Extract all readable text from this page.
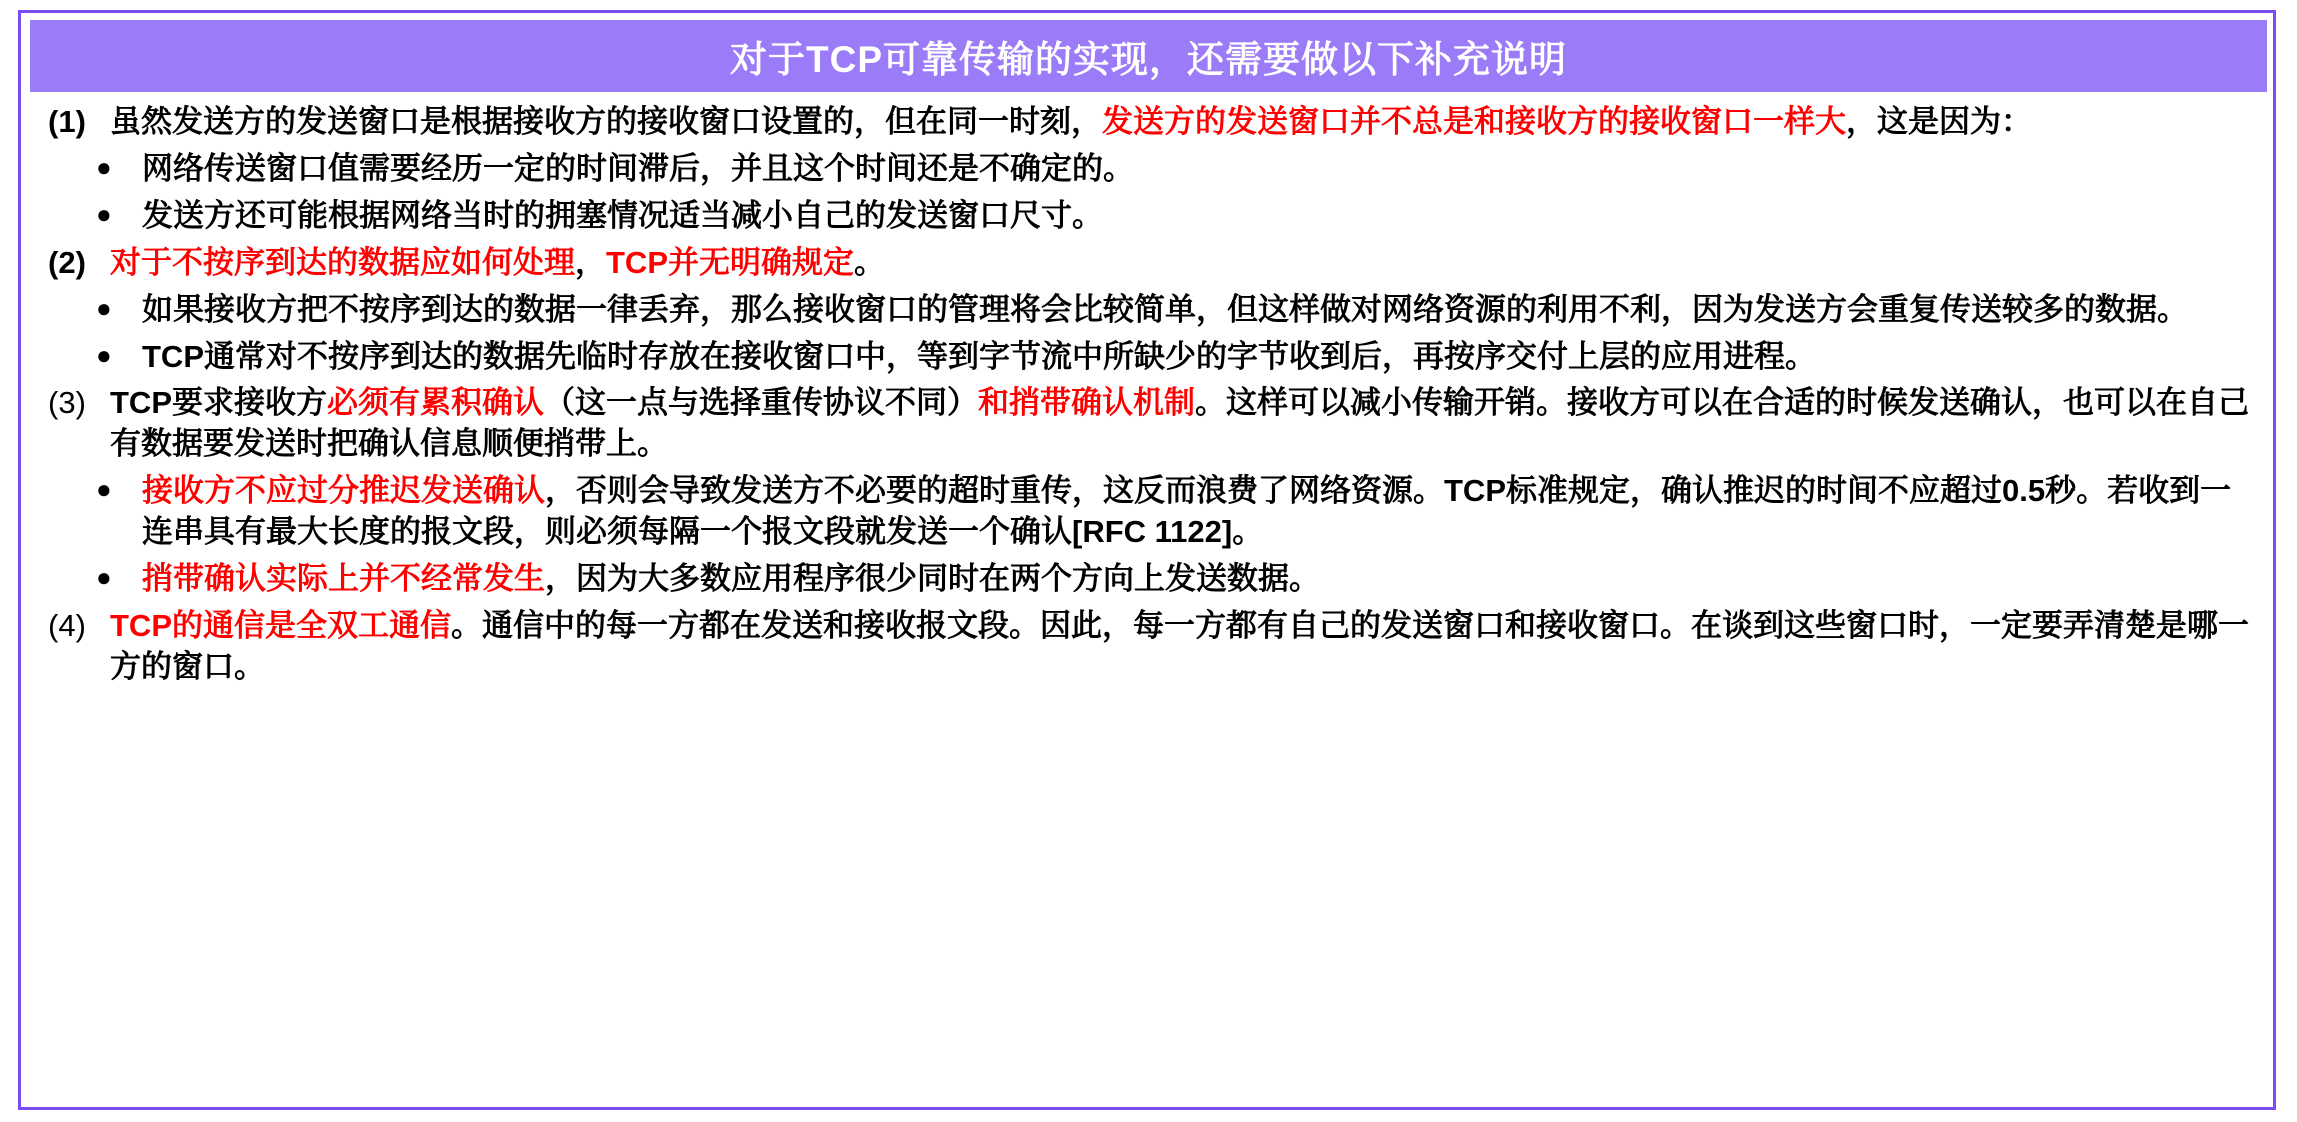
对于TCP可靠传输的实现，还需要做以下补充说明
(1) 虽然发送方的发送窗口是根据接收方的接收窗口设置的，但在同一时刻，发送方的发送窗口并不总是和接收方的接收窗口一样大，这是因为：
● 网络传送窗口值需要经历一定的时间滞后，并且这个时间还是不确定的。
● 发送方还可能根据网络当时的拥塞情况适当减小自己的发送窗口尺寸。
(2) 对于不按序到达的数据应如何处理，TCP并无明确规定。
● 如果接收方把不按序到达的数据一律丢弃，那么接收窗口的管理将会比较简单，但这样做对网络资源的利用不利，因为发送方会重复传送较多的数据。
● TCP通常对不按序到达的数据先临时存放在接收窗口中，等到字节流中所缺少的字节收到后，再按序交付上层的应用进程。
(3) TCP要求接收方必须有累积确认（这一点与选择重传协议不同）和捎带确认机制。这样可以减小传输开销。接收方可以在合适的时候发送确认，也可以在自己有数据要发送时把确认信息顺便捎带上。
● 接收方不应过分推迟发送确认，否则会导致发送方不必要的超时重传，这反而浪费了网络资源。TCP标准规定，确认推迟的时间不应超过0.5秒。若收到一连串具有最大长度的报文段，则必须每隔一个报文段就发送一个确认[RFC 1122]。
● 捎带确认实际上并不经常发生，因为大多数应用程序很少同时在两个方向上发送数据。
(4) TCP的通信是全双工通信。通信中的每一方都在发送和接收报文段。因此，每一方都有自己的发送窗口和接收窗口。在谈到这些窗口时，一定要弄清楚是哪一方的窗口。
